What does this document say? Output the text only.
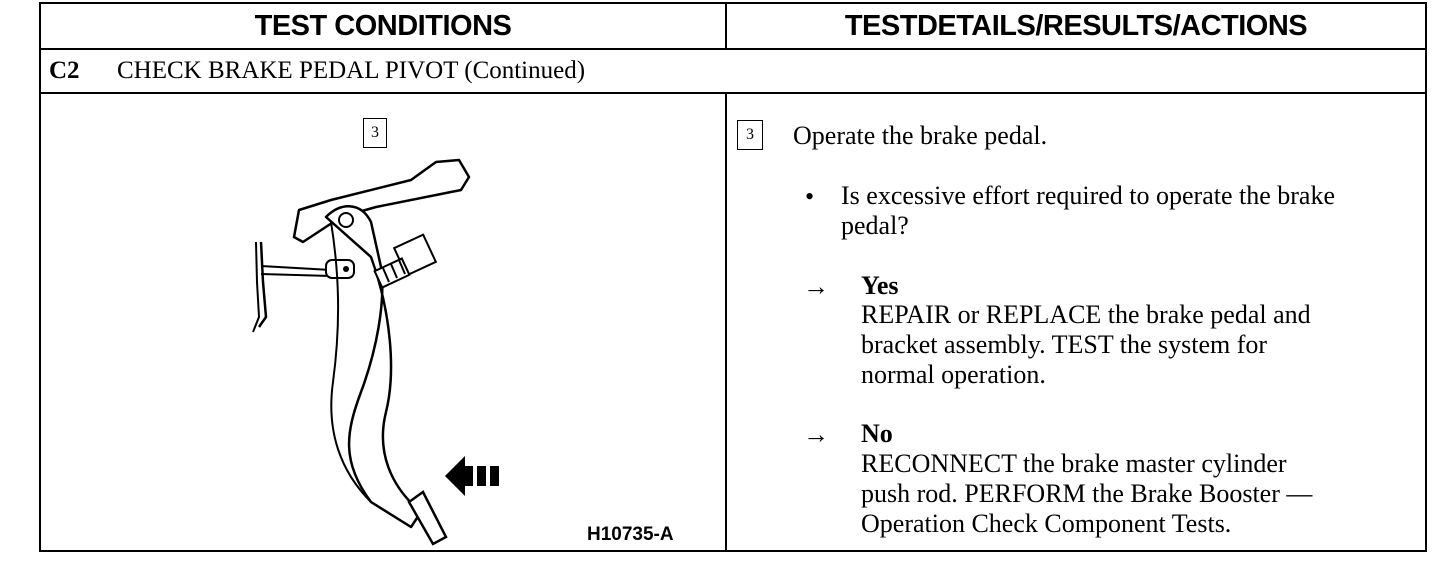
TEST CONDITIONS	TESTDETAILS/RESULTS/ACTIONS
C2	CHECK BRAKE PEDAL PIVOT (Continued)
3
H10735-A
3	Operate the brake pedal.
• Is excessive effort required to operate the brake
pedal?
→ Yes
REPAIR or REPLACE the brake pedal and
bracket assembly. TEST the system for
normal operation.
→ No
RECONNECT the brake master cylinder
push rod. PERFORM the Brake Booster —
Operation Check Component Tests.
